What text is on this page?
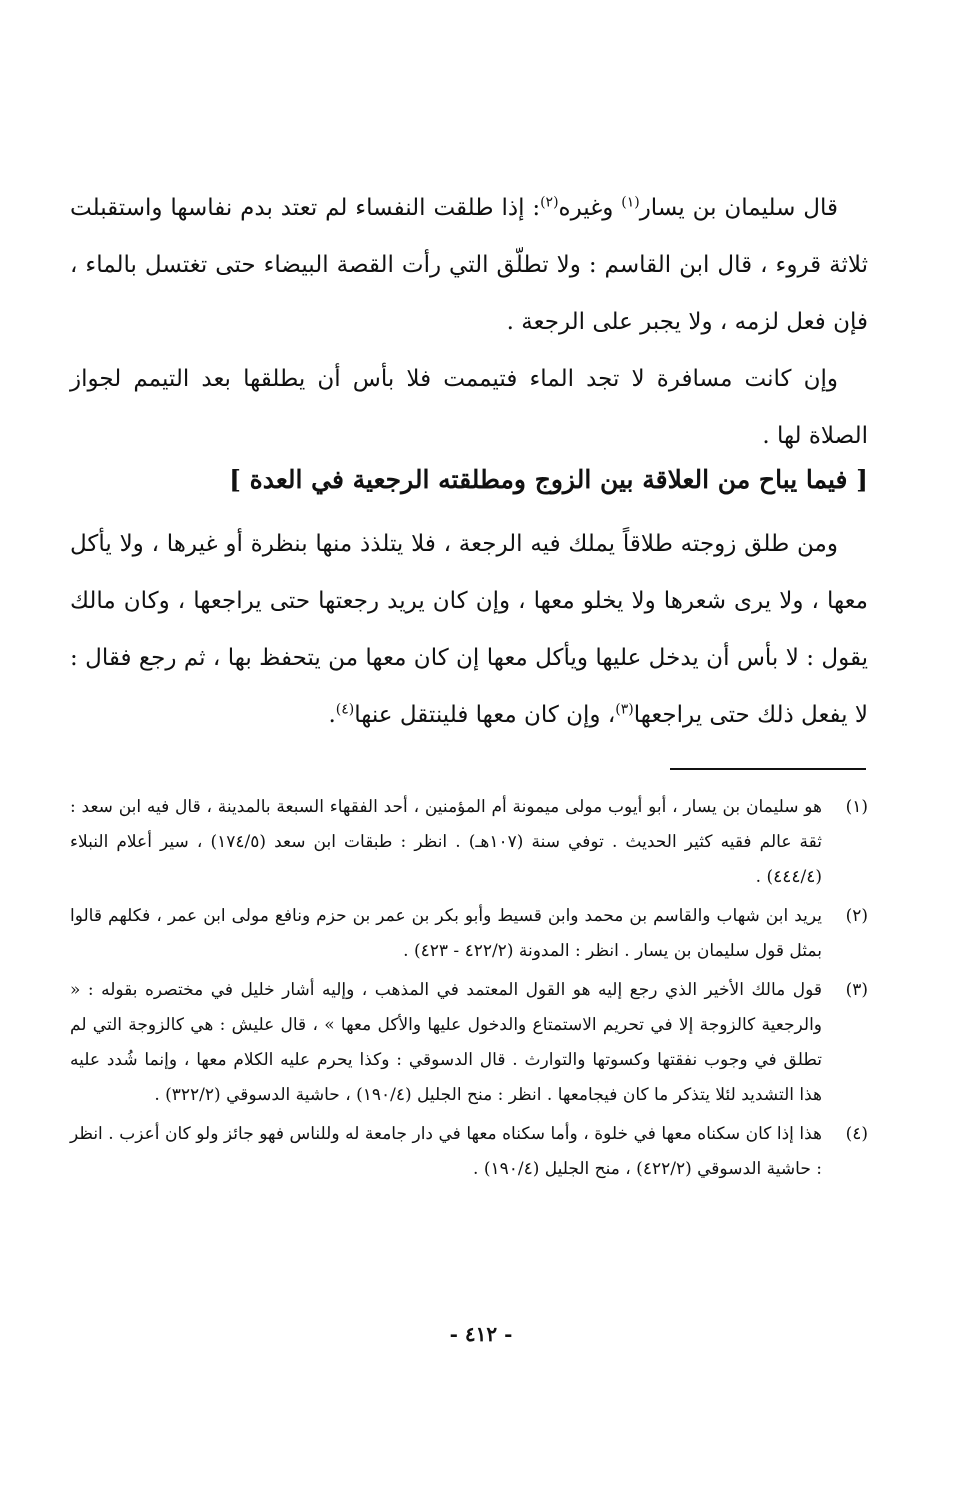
قال سليمان بن يسار$^{(١)}$ وغيره$^{(٢)}$: إذا طلقت النفساء لم تعتد بدم نفاسها واستقبلت ثلاثة قروء ، قال ابن القاسم : ولا تطلّق التي رأت القصة البيضاء حتى تغتسل بالماء ، فإن فعل لزمه ، ولا يجبر على الرجعة .

وإن كانت مسافرة لا تجد الماء فتيممت فلا بأس أن يطلقها بعد التيمم لجواز الصلاة لها .

[ فيما يباح من العلاقة بين الزوج ومطلقته الرجعية في العدة ]

ومن طلق زوجته طلاقاً يملك فيه الرجعة ، فلا يتلذذ منها بنظرة أو غيرها ، ولا يأكل معها ، ولا يرى شعرها ولا يخلو معها ، وإن كان يريد رجعتها حتى يراجعها ، وكان مالك يقول : لا بأس أن يدخل عليها ويأكل معها إن كان معها من يتحفظ بها ، ثم رجع فقال : لا يفعل ذلك حتى يراجعها$^{(٣)}$، وإن كان معها فلينتقل عنها$^{(٤)}$.

(١)
هو سليمان بن يسار ، أبو أيوب مولى ميمونة أم المؤمنين ، أحد الفقهاء السبعة بالمدينة ، قال فيه ابن سعد : ثقة عالم فقيه كثير الحديث . توفي سنة (١٠٧هـ) . انظر : طبقات ابن سعد (١٧٤/٥) ، سير أعلام النبلاء (٤٤٤/٤) .
(٢)
يريد ابن شهاب والقاسم بن محمد وابن قسيط وأبو بكر بن عمر بن حزم ونافع مولى ابن عمر ، فكلهم قالوا بمثل قول سليمان بن يسار . انظر : المدونة (٤٢٢/٢ - ٤٢٣) .
(٣)
قول مالك الأخير الذي رجع إليه هو القول المعتمد في المذهب ، وإليه أشار خليل في مختصره بقوله : « والرجعية كالزوجة إلا في تحريم الاستمتاع والدخول عليها والأكل معها » ، قال عليش : هي كالزوجة التي لم تطلق في وجوب نفقتها وكسوتها والتوارث . قال الدسوقي : وكذا يحرم عليه الكلام معها ، وإنما شُدد عليه هذا التشديد لئلا يتذكر ما كان فيجامعها . انظر : منح الجليل (١٩٠/٤) ، حاشية الدسوقي (٣٢٢/٢) .
(٤)
هذا إذا كان سكناه معها في خلوة ، وأما سكناه معها في دار جامعة له وللناس فهو جائز ولو كان أعزب . انظر : حاشية الدسوقي (٤٢٢/٢) ، منح الجليل (١٩٠/٤) .
- ٤١٢ -
